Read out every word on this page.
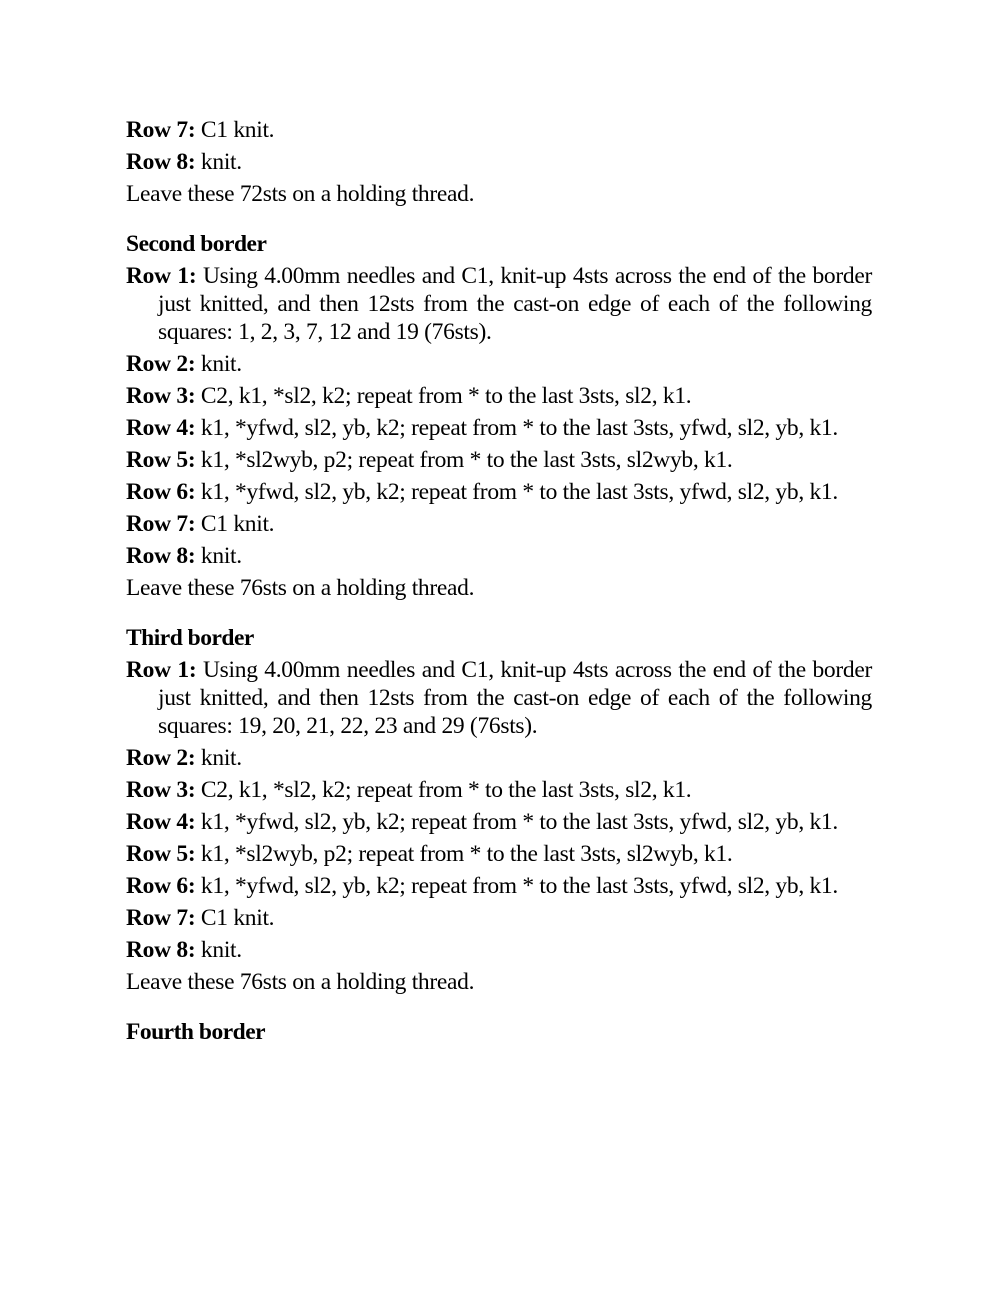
Row 7: C1 knit.

Row 8: knit.

Leave these 72sts on a holding thread.

Second border

Row 1: Using 4.00mm needles and C1, knit-up 4sts across the end of the border just knitted, and then 12sts from the cast-on edge of each of the following squares: 1, 2, 3, 7, 12 and 19 (76sts).

Row 2: knit.

Row 3: C2, k1, *sl2, k2; repeat from * to the last 3sts, sl2, k1.

Row 4: k1, *yfwd, sl2, yb, k2; repeat from * to the last 3sts, yfwd, sl2, yb, k1.

Row 5: k1, *sl2wyb, p2; repeat from * to the last 3sts, sl2wyb, k1.

Row 6: k1, *yfwd, sl2, yb, k2; repeat from * to the last 3sts, yfwd, sl2, yb, k1.

Row 7: C1 knit.

Row 8: knit.

Leave these 76sts on a holding thread.

Third border

Row 1: Using 4.00mm needles and C1, knit-up 4sts across the end of the border just knitted, and then 12sts from the cast-on edge of each of the following squares: 19, 20, 21, 22, 23 and 29 (76sts).

Row 2: knit.

Row 3: C2, k1, *sl2, k2; repeat from * to the last 3sts, sl2, k1.

Row 4: k1, *yfwd, sl2, yb, k2; repeat from * to the last 3sts, yfwd, sl2, yb, k1.

Row 5: k1, *sl2wyb, p2; repeat from * to the last 3sts, sl2wyb, k1.

Row 6: k1, *yfwd, sl2, yb, k2; repeat from * to the last 3sts, yfwd, sl2, yb, k1.

Row 7: C1 knit.

Row 8: knit.

Leave these 76sts on a holding thread.

Fourth border
